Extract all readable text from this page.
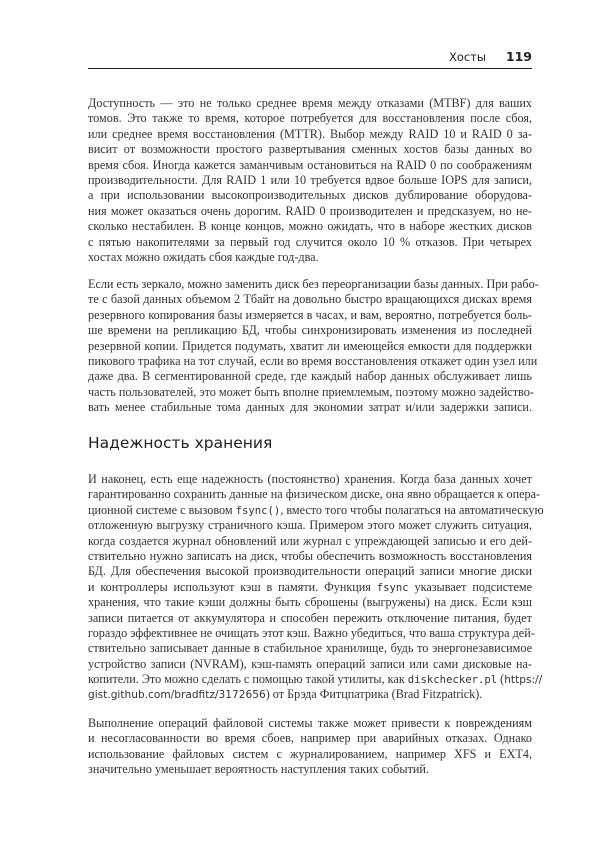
Хосты 119
Доступность — это не только среднее время между отказами (MTBF) для ваших
томов. Это также то время, которое потребуется для восстановления после сбоя,
или среднее время восстановления (MTTR). Выбор между RAID 10 и RAID 0 за-
висит от возможности простого развертывания сменных хостов базы данных во
время сбоя. Иногда кажется заманчивым остановиться на RAID 0 по соображениям
производительности. Для RAID 1 или 10 требуется вдвое больше IOPS для записи,
а при использовании высокопроизводительных дисков дублирование оборудова-
ния может оказаться очень дорогим. RAID 0 производителен и предсказуем, но не-
сколько нестабилен. В конце концов, можно ожидать, что в наборе жестких дисков
с пятью накопителями за первый год случится около 10 % отказов. При четырех
хостах можно ожидать сбоя каждые год-два.
Если есть зеркало, можно заменить диск без переорганизации базы данных. При рабо-
те с базой данных объемом 2 Тбайт на довольно быстро вращающихся дисках время
резервного копирования базы измеряется в часах, и вам, вероятно, потребуется боль-
ше времени на репликацию БД, чтобы синхронизировать изменения из последней
резервной копии. Придется подумать, хватит ли имеющейся емкости для поддержки
пикового трафика на тот случай, если во время восстановления откажет один узел или
даже два. В сегментированной среде, где каждый набор данных обслуживает лишь
часть пользователей, это может быть вполне приемлемым, поэтому можно задейство-
вать менее стабильные тома данных для экономии затрат и/или задержки записи.
Надежность хранения
И наконец, есть еще надежность (постоянство) хранения. Когда база данных хочет
гарантированно сохранить данные на физическом диске, она явно обращается к опера-
ционной системе с вызовом fsync(), вместо того чтобы полагаться на автоматическую
отложенную выгрузку страничного кэша. Примером этого может служить ситуация,
когда создается журнал обновлений или журнал с упреждающей записью и его дей-
ствительно нужно записать на диск, чтобы обеспечить возможность восстановления
БД. Для обеспечения высокой производительности операций записи многие диски
и контроллеры используют кэш в памяти. Функция fsync указывает подсистеме
хранения, что такие кэши должны быть сброшены (выгружены) на диск. Если кэш
записи питается от аккумулятора и способен пережить отключение питания, будет
гораздо эффективнее не очищать этот кэш. Важно убедиться, что ваша структура дей-
ствительно записывает данные в стабильное хранилище, будь то энергонезависимое
устройство записи (NVRAM), кэш-память операций записи или сами дисковые на-
копители. Это можно сделать с помощью такой утилиты, как diskchecker.pl (https://
gist.github.com/bradfitz/3172656) от Брэда Фитцпатрика (Brad Fitzpatrick).
Выполнение операций файловой системы также может привести к повреждениям
и несогласованности во время сбоев, например при аварийных отказах. Однако
использование файловых систем с журналированием, например XFS и EXT4,
значительно уменьшает вероятность наступления таких событий.
